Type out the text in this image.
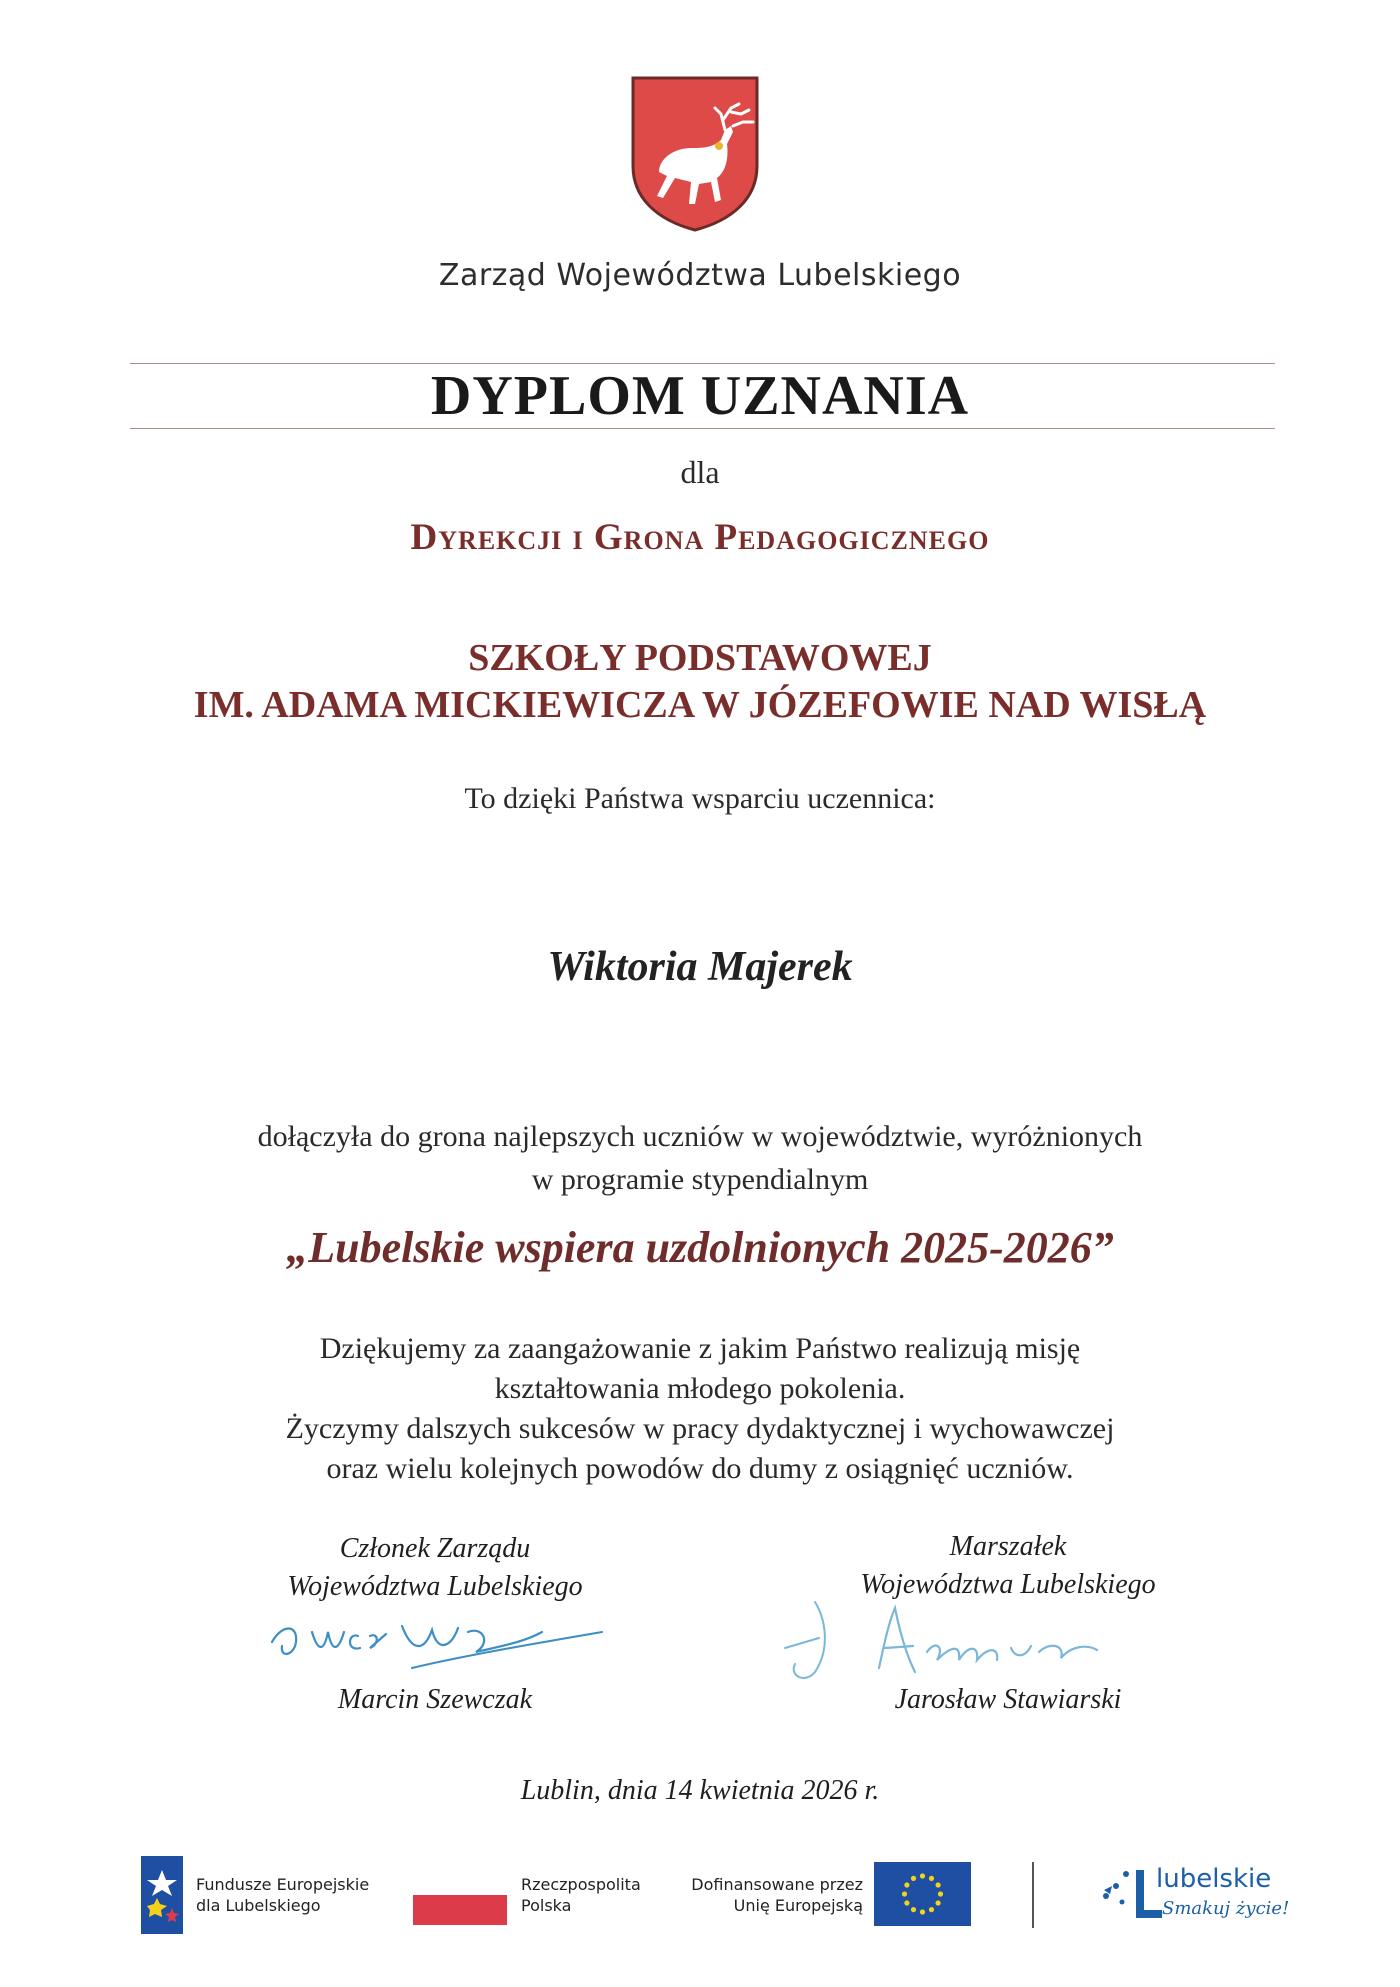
Zarząd Województwa Lubelskiego
DYPLOM UZNANIA
dla
Dyrekcji i Grona Pedagogicznego
SZKOŁY PODSTAWOWEJ
IM. ADAMA MICKIEWICZA W JÓZEFOWIE NAD WISŁĄ
To dzięki Państwa wsparciu uczennica:
Wiktoria Majerek
dołączyła do grona najlepszych uczniów w województwie, wyróżnionych
w programie stypendialnym
„Lubelskie wspiera uzdolnionych 2025-2026”
Dziękujemy za zaangażowanie z jakim Państwo realizują misję
kształtowania młodego pokolenia.
Życzymy dalszych sukcesów w pracy dydaktycznej i wychowawczej
oraz wielu kolejnych powodów do dumy z osiągnięć uczniów.
Członek Zarządu
Województwa Lubelskiego
Marcin Szewczak
Marszałek
Województwa Lubelskiego
Jarosław Stawiarski
Lublin, dnia 14 kwietnia 2026 r.
Fundusze Europejskie
dla Lubelskiego
Rzeczpospolita
Polska
Dofinansowane przez
Unię Europejską
lubelskie
Smakuj życie!
